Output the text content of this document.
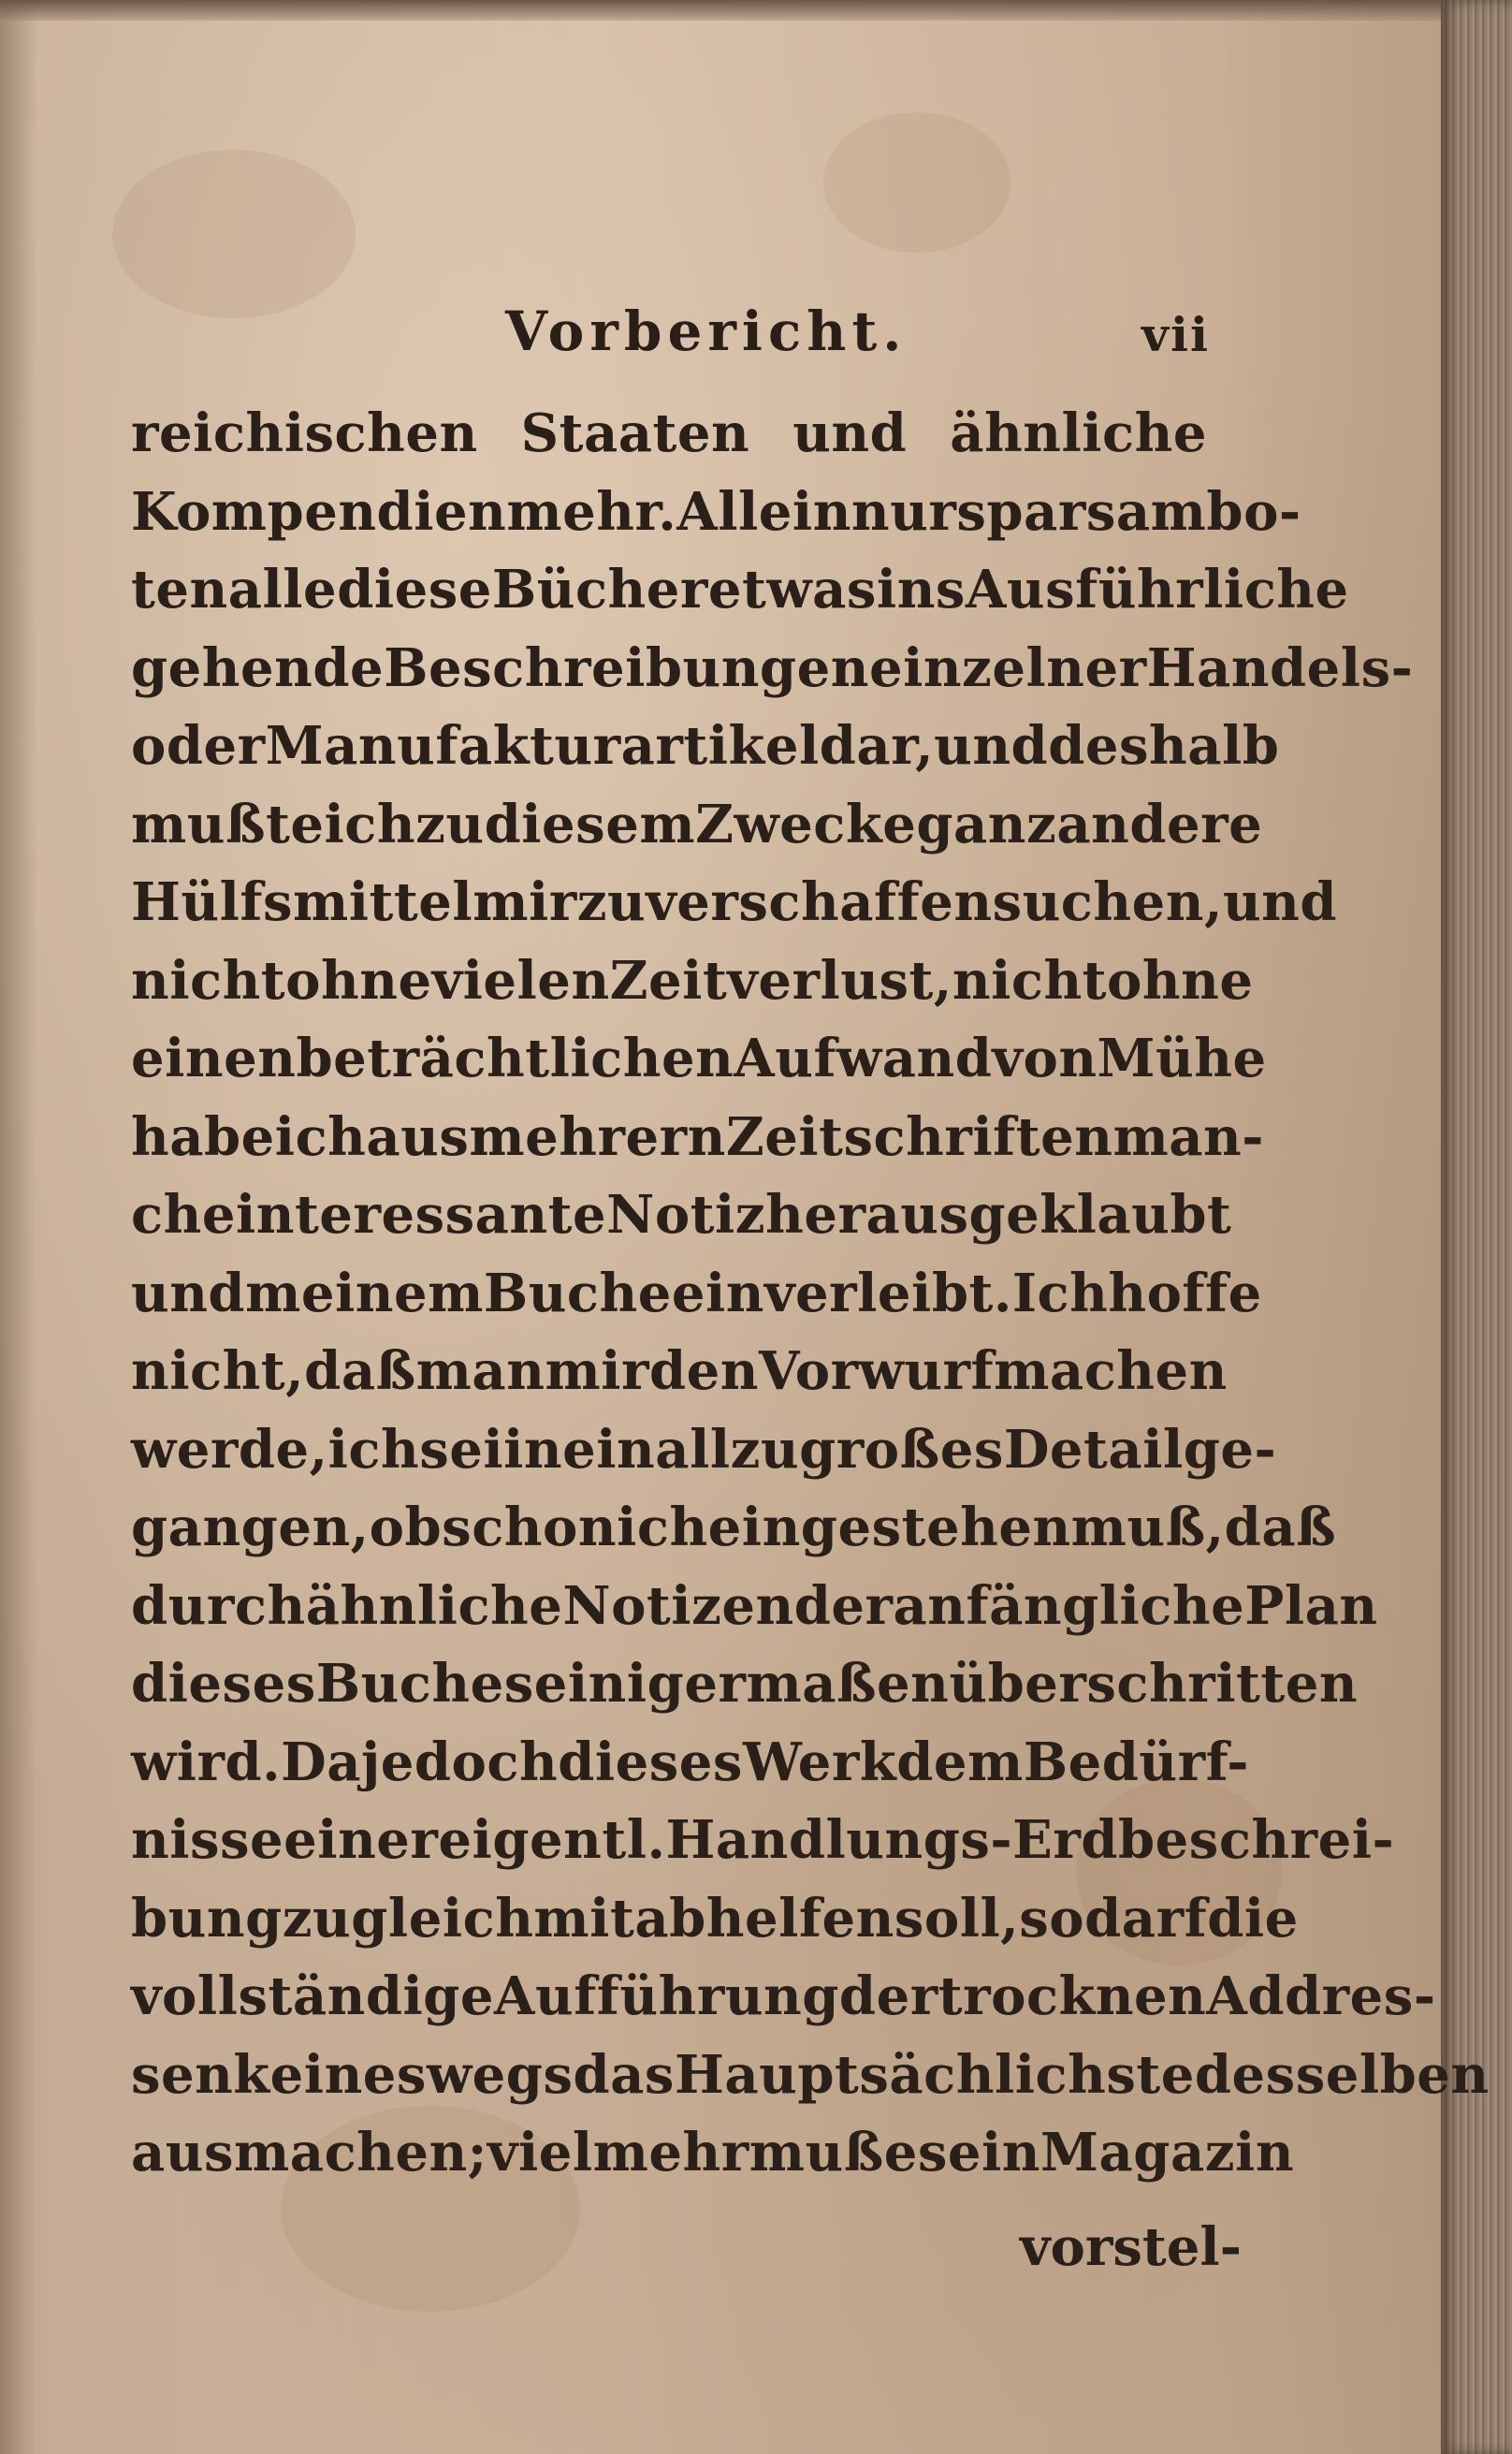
Vorbericht.	vii
reichischen Staaten und ähnliche
Kompendien mehr. Allein nur sparsam bo-
ten alle diese Bücher etwas ins Ausführliche
gehende Beschreibungen einzelner Handels-
oder Manufakturartikel dar, und deshalb
mußte ich zu diesem Zwecke ganz andere
Hülfsmittel mir zu verschaffen suchen, und
nicht ohne vielen Zeitverlust, nicht ohne
einen beträchtlichen Aufwand von Mühe
habe ich aus mehrern Zeitschriften man-
che interessante Notiz heraus geklaubt
und meinem Buche einverleibt. Ich hoffe
nicht, daß man mir den Vorwurf machen
werde, ich sei in ein allzugroßes Detail ge-
gangen, obschon ich eingestehen muß, daß
durch ähnliche Notizen der anfängliche Plan
dieses Buches einigermaßen überschritten
wird. Da jedoch dieses Werk dem Bedürf-
nisse einer eigentl. Handlungs-Erdbeschrei-
bung zugleich mit abhelfen soll, so darf die
vollständige Aufführung der trocknen Addres-
sen keineswegs das Hauptsächlichste desselben
ausmachen; vielmehr muß es ein Magazin
vorstel-
